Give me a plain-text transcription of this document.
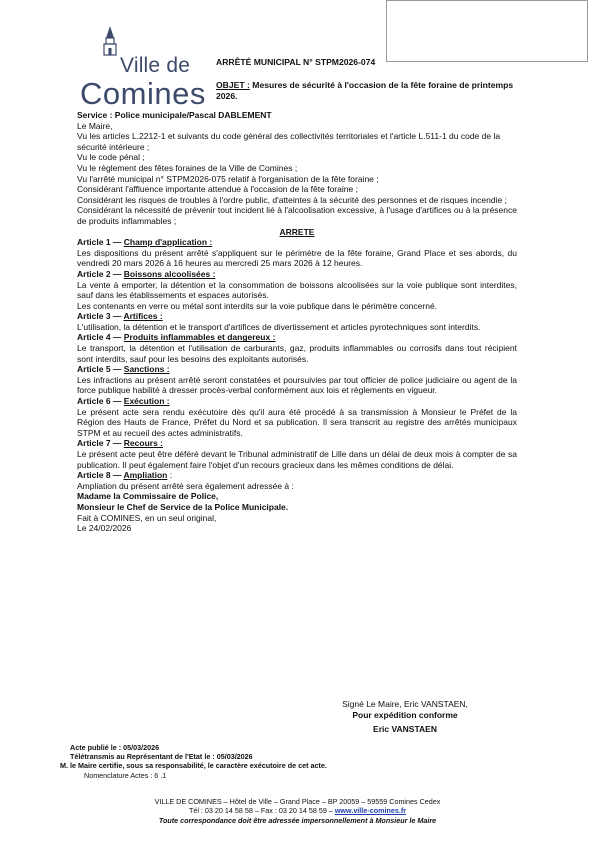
Ville de
Comines
ARRÊTÉ MUNICIPAL N° STPM2026-074
OBJET : Mesures de sécurité à l'occasion de la fête foraine de printemps 2026.

Service : Police municipale/Pascal DABLEMENT

Le Maire,

Vu les articles L.2212-1 et suivants du code général des collectivités territoriales et l'article L.511-1 du code de la sécurité intérieure ;

Vu le code pénal ;

Vu le règlement des fêtes foraines de la Ville de Comines ;

Vu l'arrêté municipal n° STPM2026-075 relatif à l'organisation de la fête foraine ;

Considérant l'affluence importante attendue à l'occasion de la fête foraine ;

Considérant les risques de troubles à l'ordre public, d'atteintes à la sécurité des personnes et de risques incendie ;

Considérant la nécessité de prévenir tout incident lié à l'alcoolisation excessive, à l'usage d'artifices ou à la présence de produits inflammables ;

ARRETE

Article 1 — Champ d'application :

Les dispositions du présent arrêté s'appliquent sur le périmètre de la fête foraine, Grand Place et ses abords, du vendredi 20 mars 2026 à 16 heures au mercredi 25 mars 2026 à 12 heures.

Article 2 — Boissons alcoolisées :

La vente à emporter, la détention et la consommation de boissons alcoolisées sur la voie publique sont interdites, sauf dans les établissements et espaces autorisés.

Les contenants en verre ou métal sont interdits sur la voie publique dans le périmètre concerné.

Article 3 — Artifices :

L'utilisation, la détention et le transport d'artifices de divertissement et articles pyrotechniques sont interdits.

Article 4 — Produits inflammables et dangereux :

Le transport, la détention et l'utilisation de carburants, gaz, produits inflammables ou corrosifs dans tout récipient sont interdits, sauf pour les besoins des exploitants autorisés.

Article 5 — Sanctions :

Les infractions au présent arrêté seront constatées et poursuivies par tout officier de police judiciaire ou agent de la force publique habilité à dresser procès-verbal conformément aux lois et règlements en vigueur.

Article 6 — Exécution :

Le présent acte sera rendu exécutoire dès qu'il aura été procédé à sa transmission à Monsieur le Préfet de la Région des Hauts de France, Préfet du Nord et sa publication. Il sera transcrit au registre des arrêtés municipaux STPM et au recueil des actes administratifs.

Article 7 — Recours :

Le présent acte peut être déféré devant le Tribunal administratif de Lille dans un délai de deux mois à compter de sa publication. Il peut également faire l'objet d'un recours gracieux dans les mêmes conditions de délai.

Article 8 — Ampliation :

Ampliation du présent arrêté sera également adressée à :

Madame la Commissaire de Police,

Monsieur le Chef de Service de la Police Municipale.

Fait à COMINES, en un seul original,

Le 24/02/2026

Signé Le Maire, Eric VANSTAEN,
Pour expédition conforme
Eric VANSTAEN
Acte publié le : 05/03/2026
Télétransmis au Représentant de l'Etat le : 05/03/2026
M. le Maire certifie, sous sa responsabilité, le caractère exécutoire de cet acte.
Nomenclature Actes : 6 .1
VILLE DE COMINES – Hôtel de Ville – Grand Place – BP 20059 – 59559 Comines Cedex
Tél : 03 20 14 58 58 – Fax : 03 20 14 58 59 – www.ville-comines.fr
Toute correspondance doit être adressée impersonnellement à Monsieur le Maire
